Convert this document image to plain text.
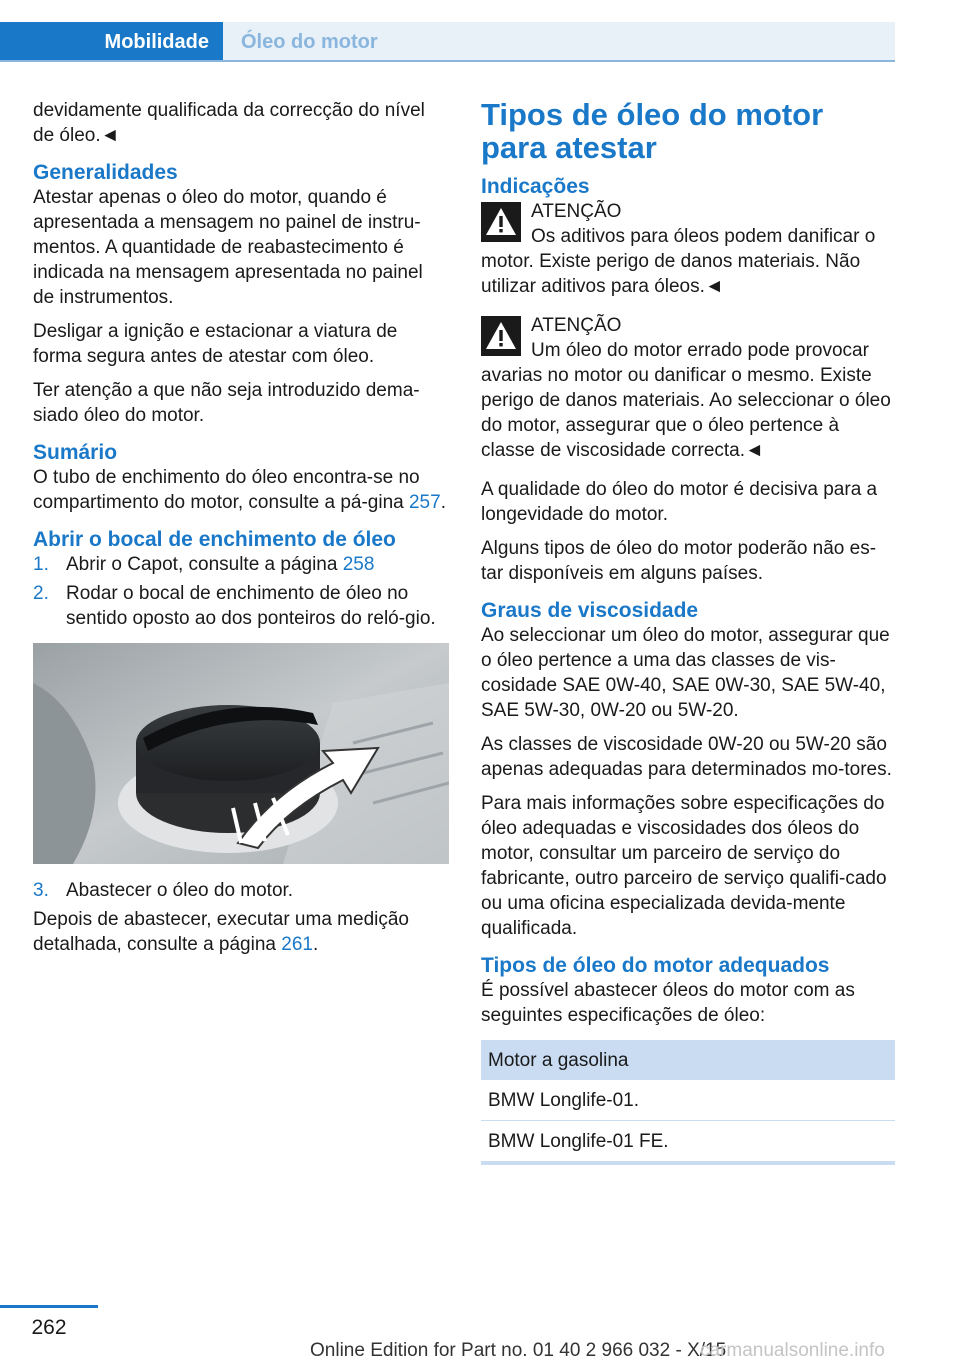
Mobilidade	Óleo do motor

devidamente qualificada da correcção do nível de óleo.◄

Generalidades

Atestar apenas o óleo do motor, quando é apresentada a mensagem no painel de instru‐mentos. A quantidade de reabastecimento é indicada na mensagem apresentada no painel de instrumentos.

Desligar a ignição e estacionar a viatura de forma segura antes de atestar com óleo.

Ter atenção a que não seja introduzido dema‐siado óleo do motor.

Sumário

O tubo de enchimento do óleo encontra-se no compartimento do motor, consulte a pá‐gina 257.

Abrir o bocal de enchimento de óleo
1. Abrir o Capot, consulte a página 258
2. Rodar o bocal de enchimento de óleo no sentido oposto ao dos ponteiros do reló‐gio.
3. Abastecer o óleo do motor.

Depois de abastecer, executar uma medição detalhada, consulte a página 261.

Tipos de óleo do motor para atestar
Indicações
ATENÇÃO
Os aditivos para óleos podem danificar o motor. Existe perigo de danos materiais. Não utilizar aditivos para óleos.◄
ATENÇÃO
Um óleo do motor errado pode provocar avarias no motor ou danificar o mesmo. Existe perigo de danos materiais. Ao seleccionar o óleo do motor, assegurar que o óleo pertence à classe de viscosidade correcta.◄

A qualidade do óleo do motor é decisiva para a longevidade do motor.

Alguns tipos de óleo do motor poderão não es‐tar disponíveis em alguns países.

Graus de viscosidade

Ao seleccionar um óleo do motor, assegurar que o óleo pertence a uma das classes de vis‐cosidade SAE 0W-40, SAE 0W-30, SAE 5W-40, SAE 5W-30, 0W-20 ou 5W-20.

As classes de viscosidade 0W-20 ou 5W-20 são apenas adequadas para determinados mo‐tores.

Para mais informações sobre especificações do óleo adequadas e viscosidades dos óleos do motor, consultar um parceiro de serviço do fabricante, outro parceiro de serviço qualifi‐cado ou uma oficina especializada devida‐mente qualificada.

Tipos de óleo do motor adequados

É possível abastecer óleos do motor com as seguintes especificações de óleo:

Motor a gasolina
BMW Longlife-01.
BMW Longlife-01 FE.
262
Online Edition for Part no. 01 40 2 966 032 - X/15
carmanualsonline.info
